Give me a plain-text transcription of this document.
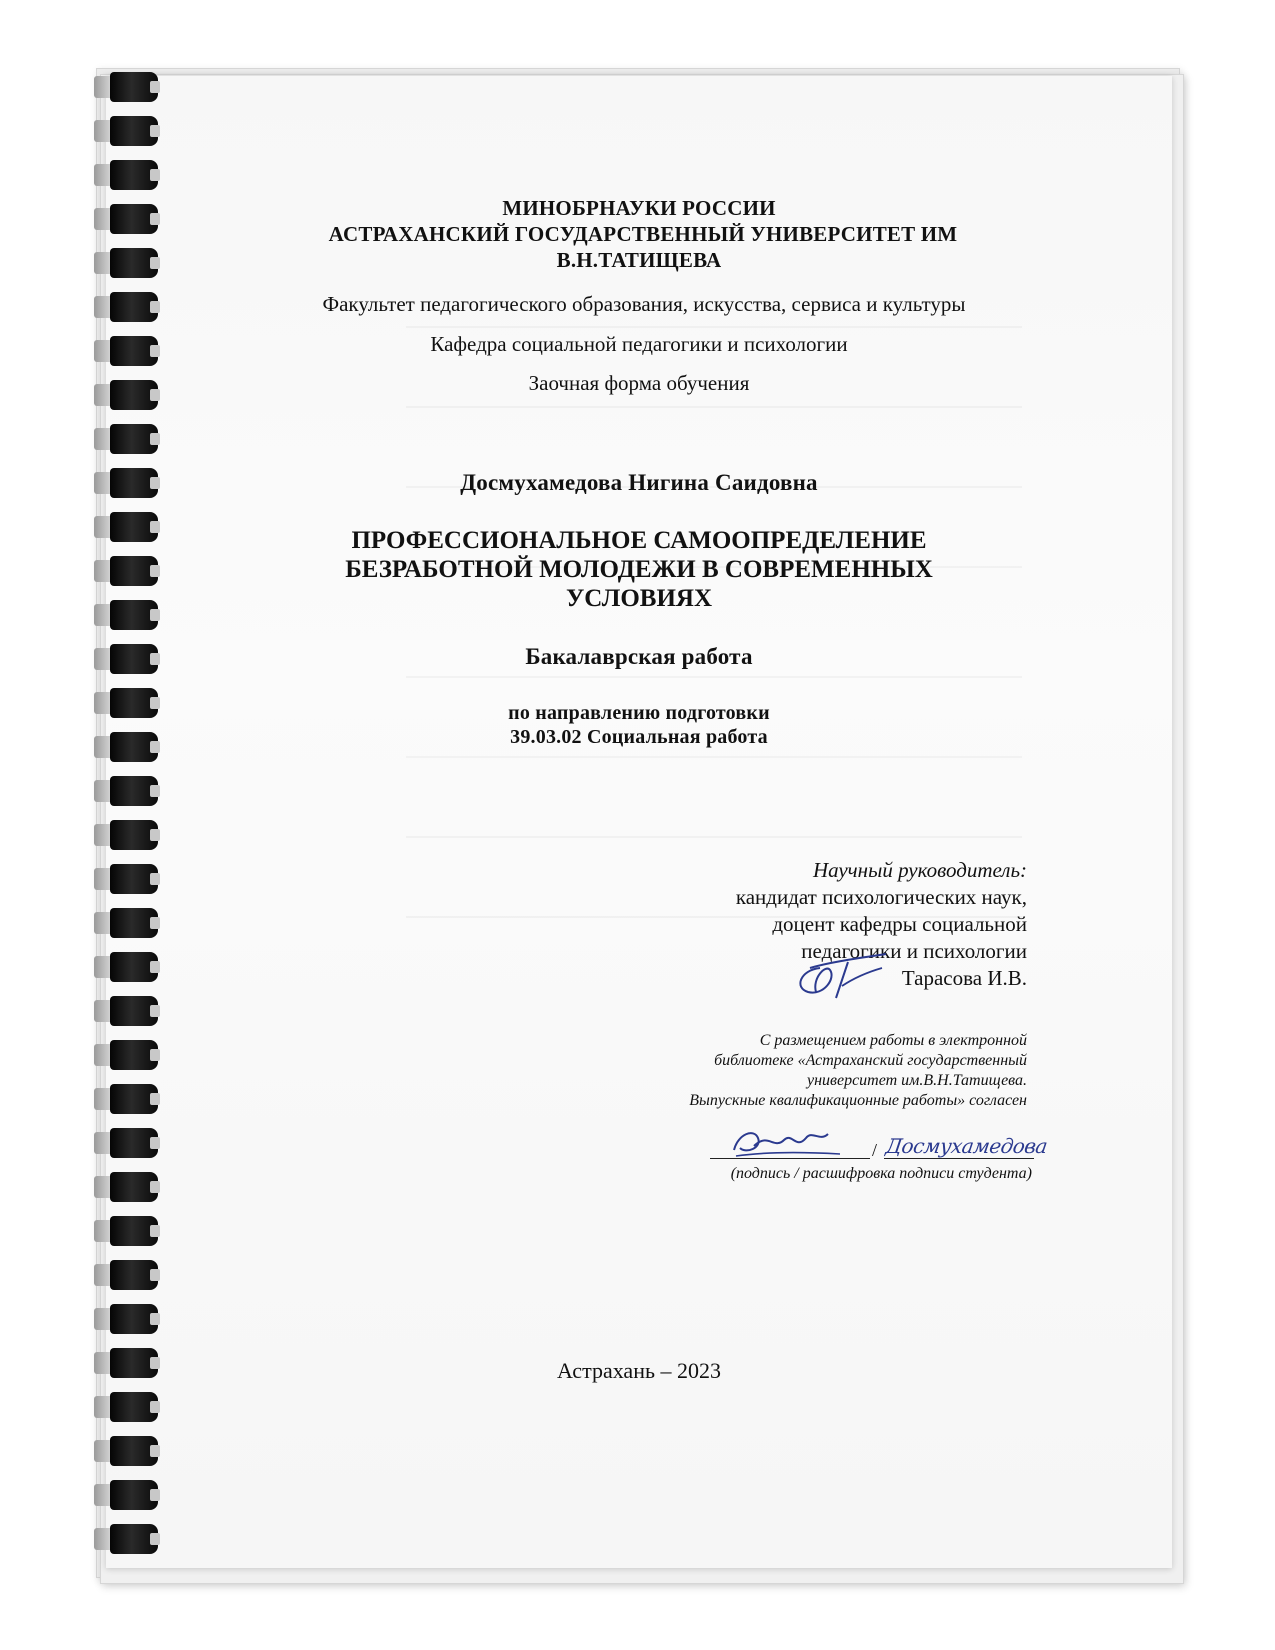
МИНОБРНАУКИ РОССИИ
АСТРАХАНСКИЙ ГОСУДАРСТВЕННЫЙ УНИВЕРСИТЕТ ИМ
В.Н.ТАТИЩЕВА
Факультет педагогического образования, искусства, сервиса и культуры
Кафедра социальной педагогики и психологии
Заочная форма обучения
Досмухамедова Нигина Саидовна
ПРОФЕССИОНАЛЬНОЕ САМООПРЕДЕЛЕНИЕ
БЕЗРАБОТНОЙ МОЛОДЕЖИ В СОВРЕМЕННЫХ
УСЛОВИЯХ
Бакалаврская работа
по направлению подготовки
39.03.02 Социальная работа
Научный руководитель:
кандидат психологических наук,
доцент кафедры социальной
педагогики и психологии
Тарасова И.В.
С размещением работы в электронной
библиотеке «Астраханский государственный
университет им.В.Н.Татищева.
Выпускные квалификационные работы» согласен
/ Досмухамедова
(подпись / расшифровка подписи студента)
Астрахань – 2023
